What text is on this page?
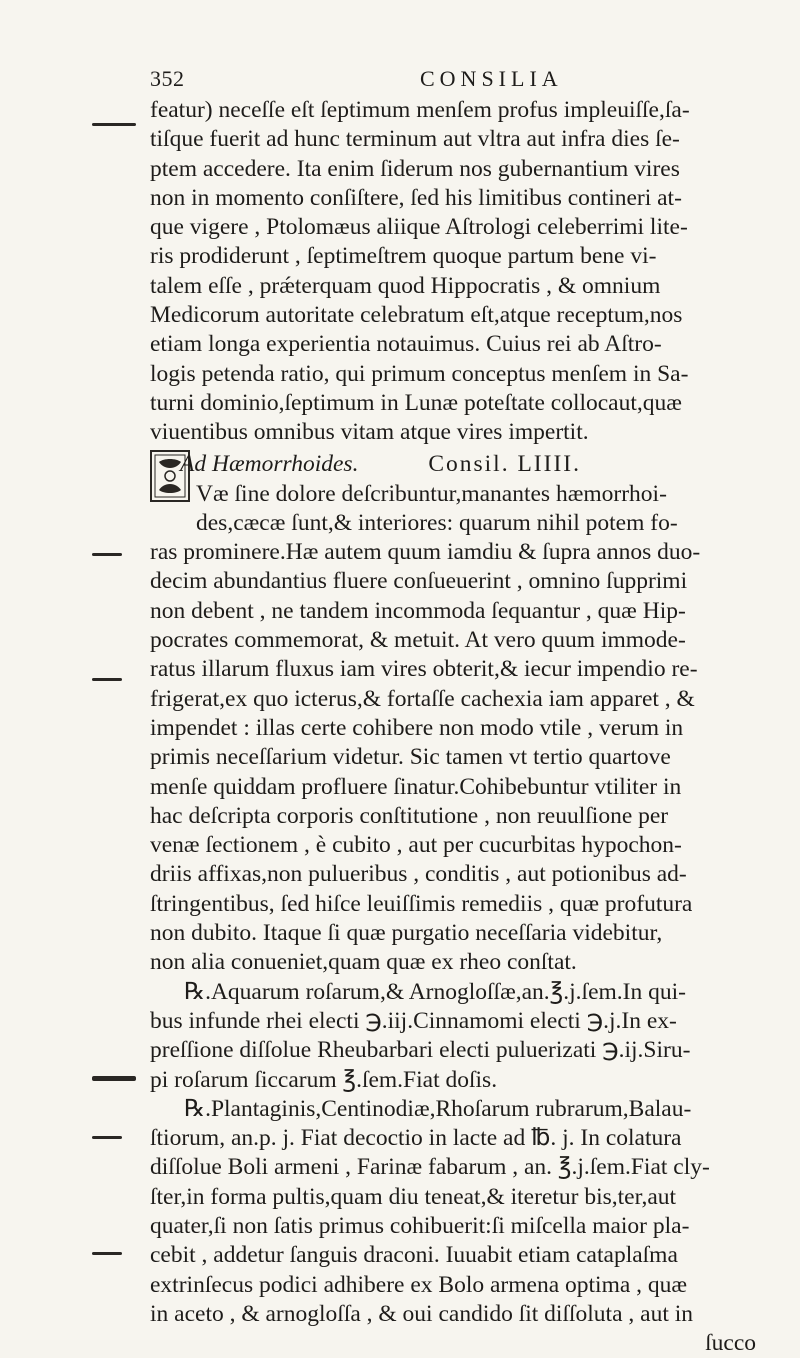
352	CONSILIA
featur) neceſſe eſt ſeptimum menſem profus impleuiſſe,ſa-
tiſque fuerit ad hunc terminum aut vltra aut infra dies ſe-
ptem accedere. Ita enim ſiderum nos gubernantium vires
non in momento conſiſtere, ſed his limitibus contineri at-
que vigere , Ptolomæus aliique Aſtrologi celeberrimi lite-
ris prodiderunt , ſeptimeſtrem quoque partum bene vi-
talem eſſe , prǽterquam quod Hippocratis , & omnium
Medicorum autoritate celebratum eſt,atque receptum,nos
etiam longa experientia notauimus. Cuius rei ab Aſtro-
logis petenda ratio, qui primum conceptus menſem in Sa-
turni dominio,ſeptimum in Lunæ poteſtate collocaut,quæ
viuentibus omnibus vitam atque vires impertit.
Ad Hæmorrhoides.	Consil. LIIII.
Væ ſine dolore deſcribuntur,manantes hæmorrhoi-
des,cæcæ ſunt,& interiores: quarum nihil potem fo-
ras prominere.Hæ autem quum iamdiu & ſupra annos duo-
decim abundantius fluere conſueuerint , omnino ſupprimi
non debent , ne tandem incommoda ſequantur , quæ Hip-
pocrates commemorat, & metuit. At vero quum immode-
ratus illarum fluxus iam vires obterit,& iecur impendio re-
frigerat,ex quo icterus,& fortaſſe cachexia iam apparet , &
impendet : illas certe cohibere non modo vtile , verum in
primis neceſſarium videtur. Sic tamen vt tertio quartove
menſe quiddam profluere ſinatur.Cohibebuntur vtiliter in
hac deſcripta corporis conſtitutione , non reuulſione per
venæ ſectionem , è cubito , aut per cucurbitas hypochon-
driis affixas,non pulueribus , conditis , aut potionibus ad-
ſtringentibus, ſed hiſce leuiſſimis remediis , quæ profutura
non dubito. Itaque ſi quæ purgatio neceſſaria videbitur,
non alia conueniet,quam quæ ex rheo conſtat.
℞.Aquarum roſarum,& Arnogloſſæ,an.℥.j.ſem.In qui-
bus infunde rhei electi ℈.iij.Cinnamomi electi ℈.j.In ex-
preſſione diſſolue Rheubarbari electi puluerizati ℈.ij.Siru-
pi roſarum ſiccarum ℥.ſem.Fiat doſis.
℞.Plantaginis,Centinodiæ,Rhoſarum rubrarum,Balau-
ſtiorum, an.p. j. Fiat decoctio in lacte ad ℔. j. In colatura
diſſolue Boli armeni , Farinæ fabarum , an. ℥.j.ſem.Fiat cly-
ſter,in forma pultis,quam diu teneat,& iteretur bis,ter,aut
quater,ſi non ſatis primus cohibuerit:ſi miſcella maior pla-
cebit , addetur ſanguis draconi. Iuuabit etiam cataplaſma
extrinſecus podici adhibere ex Bolo armena optima , quæ
in aceto , & arnogloſſa , & oui candido ſit diſſoluta , aut in
ſucco
